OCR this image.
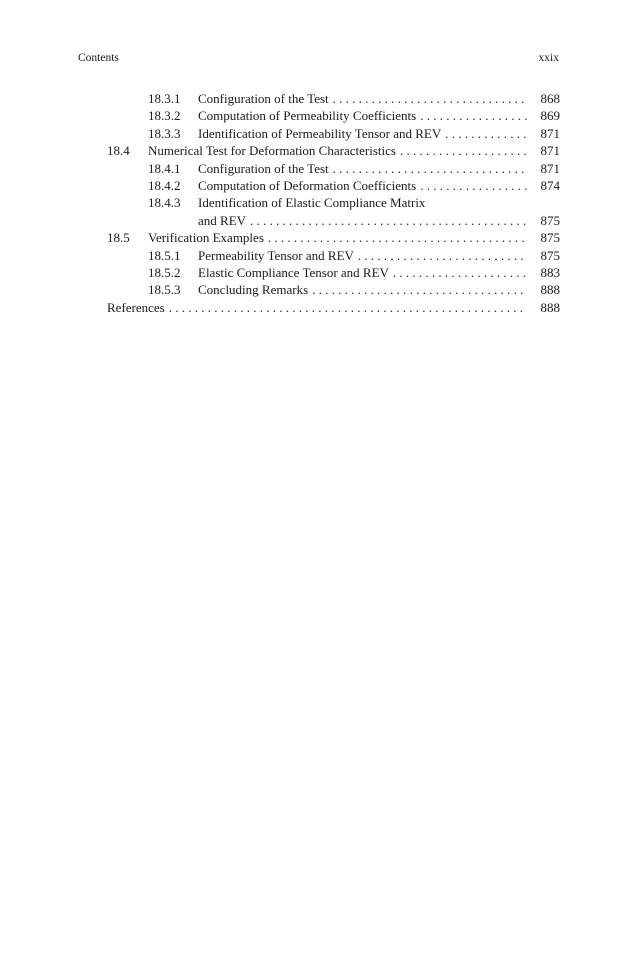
Contents	xxix
18.3.1 Configuration of the Test . . .	868
18.3.2 Computation of Permeability Coefficients . . .	869
18.3.3 Identification of Permeability Tensor and REV . . .	871
18.4 Numerical Test for Deformation Characteristics . . .	871
18.4.1 Configuration of the Test . . .	871
18.4.2 Computation of Deformation Coefficients . . .	874
18.4.3 Identification of Elastic Compliance Matrix
and REV . . .	875
18.5 Verification Examples . . .	875
18.5.1 Permeability Tensor and REV . . .	875
18.5.2 Elastic Compliance Tensor and REV . . .	883
18.5.3 Concluding Remarks . . .	888
References . . .	888
